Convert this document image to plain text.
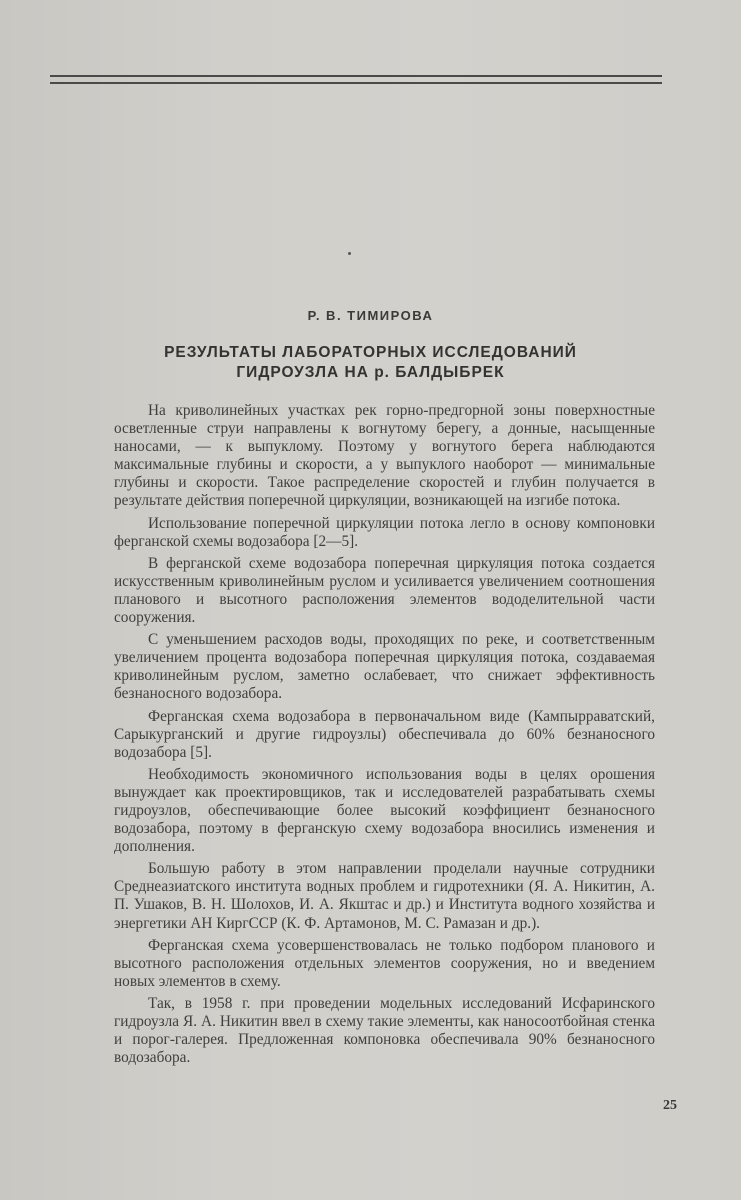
Р. В. ТИМИРОВА
РЕЗУЛЬТАТЫ ЛАБОРАТОРНЫХ ИССЛЕДОВАНИЙ
ГИДРОУЗЛА НА р. БАЛДЫБРЕК

На криволинейных участках рек горно-предгорной зоны поверхностные осветленные струи направлены к вогнутому берегу, а донные, насыщенные наносами, — к выпуклому. Поэтому у вогнутого берега наблюдаются максимальные глубины и скорости, а у выпуклого наоборот — минимальные глубины и скорости. Такое распределение скоростей и глубин получается в результате действия поперечной циркуляции, возникающей на изгибе потока.

Использование поперечной циркуляции потока легло в основу компоновки ферганской схемы водозабора [2—5].

В ферганской схеме водозабора поперечная циркуляция потока создается искусственным криволинейным руслом и усиливается увеличением соотношения планового и высотного расположения элементов вододелительной части сооружения.

С уменьшением расходов воды, проходящих по реке, и соответственным увеличением процента водозабора поперечная циркуляция потока, создаваемая криволинейным руслом, заметно ослабевает, что снижает эффективность безнаносного водозабора.

Ферганская схема водозабора в первоначальном виде (Кампырраватский, Сарыкурганский и другие гидроузлы) обеспечивала до 60% безнаносного водозабора [5].

Необходимость экономичного использования воды в целях орошения вынуждает как проектировщиков, так и исследователей разрабатывать схемы гидроузлов, обеспечивающие более высокий коэффициент безнаносного водозабора, поэтому в ферганскую схему водозабора вносились изменения и дополнения.

Большую работу в этом направлении проделали научные сотрудники Среднеазиатского института водных проблем и гидротехники (Я. А. Никитин, А. П. Ушаков, В. Н. Шолохов, И. А. Якштас и др.) и Института водного хозяйства и энергетики АН КиргССР (К. Ф. Артамонов, М. С. Рамазан и др.).

Ферганская схема усовершенствовалась не только подбором планового и высотного расположения отдельных элементов сооружения, но и введением новых элементов в схему.

Так, в 1958 г. при проведении модельных исследований Исфаринского гидроузла Я. А. Никитин ввел в схему такие элементы, как наносоотбойная стенка и порог-галерея. Предложенная компоновка обеспечивала 90% безнаносного водозабора.

25
